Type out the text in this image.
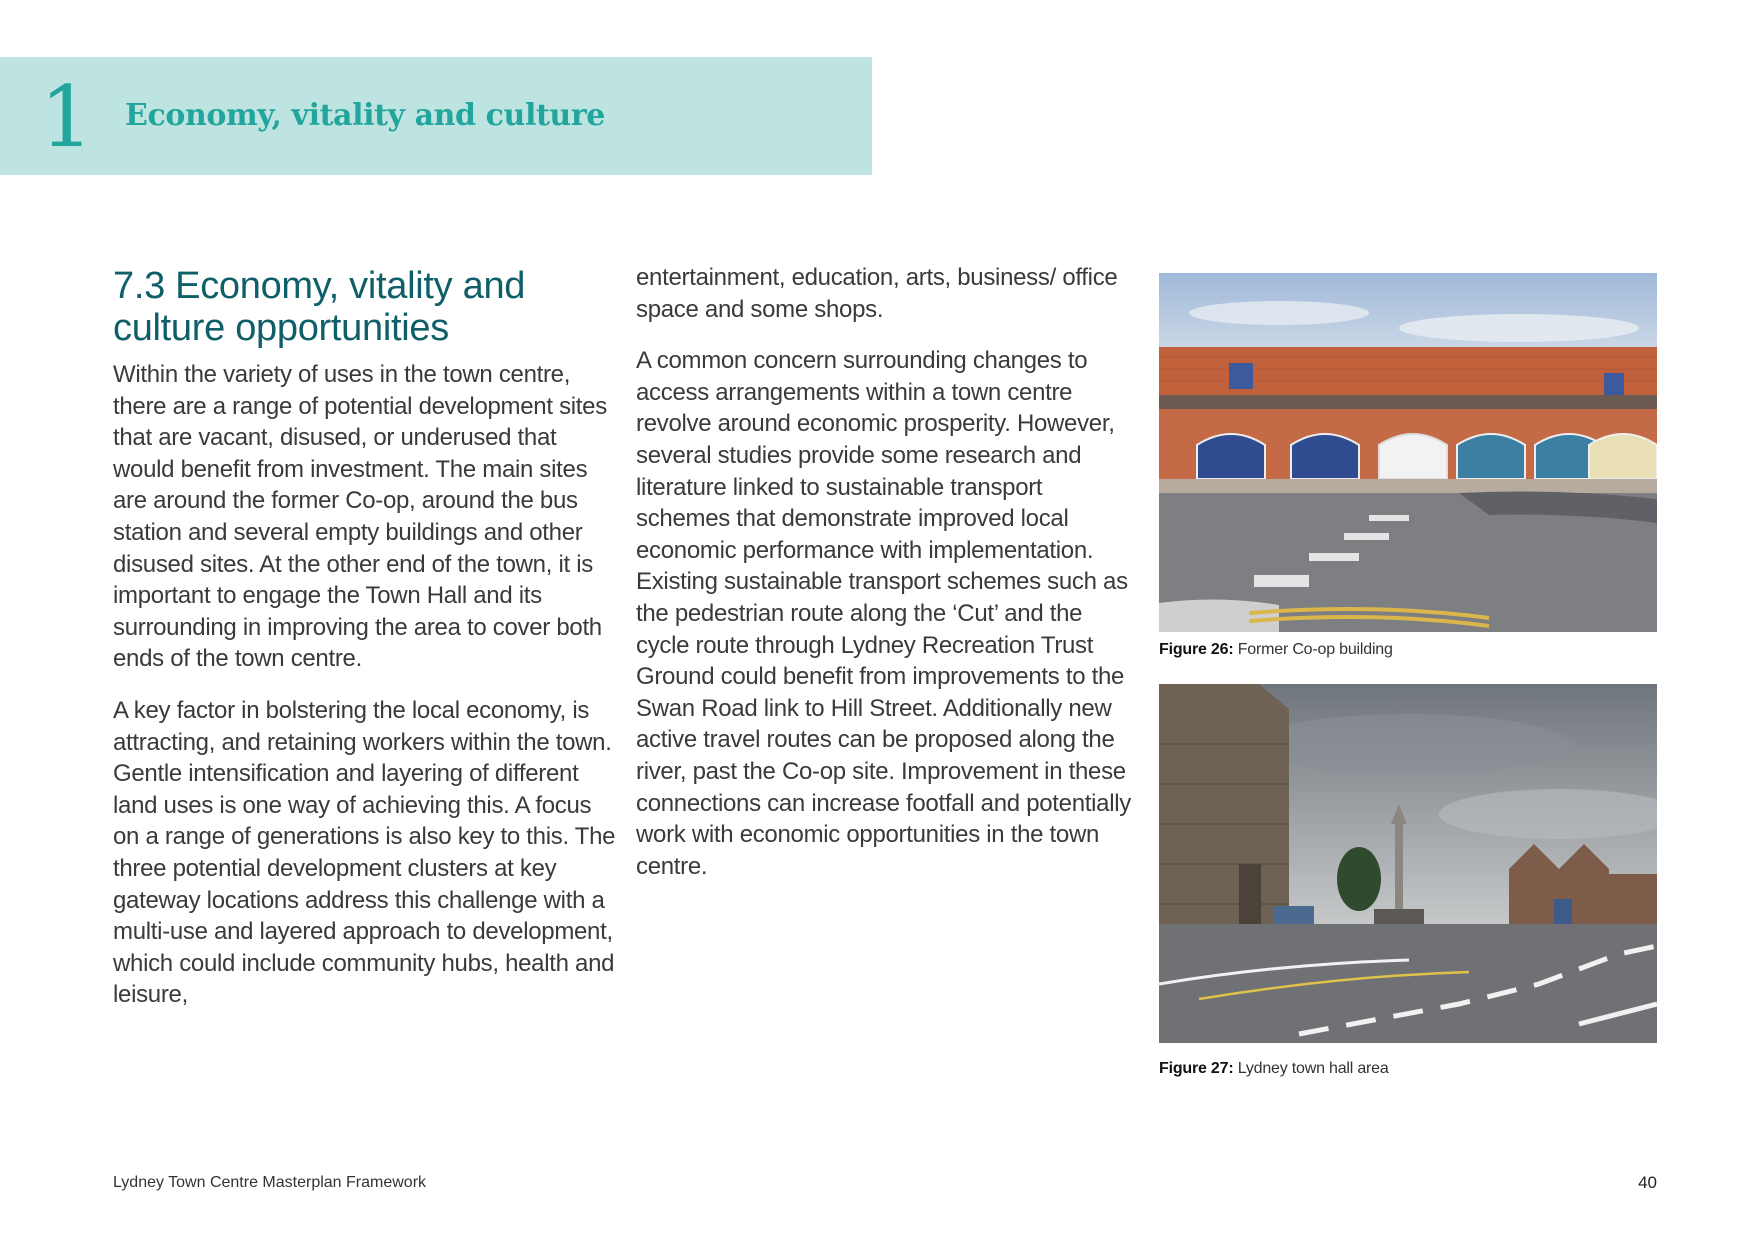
1 Economy, vitality and culture
7.3 Economy, vitality and culture opportunities

Within the variety of uses in the town centre, there are a range of potential development sites that are vacant, disused, or underused that would benefit from investment. The main sites are around the former Co-op, around the bus station and several empty buildings and other disused sites. At the other end of the town, it is important to engage the Town Hall and its surrounding in improving the area to cover both ends of the town centre.

A key factor in bolstering the local economy, is attracting, and retaining workers within the town. Gentle intensification and layering of different land uses is one way of achieving this. A focus on a range of generations is also key to this. The three potential development clusters at key gateway locations address this challenge with a multi-use and layered approach to development, which could include community hubs, health and leisure,

entertainment, education, arts, business/ office space and some shops.

A common concern surrounding changes to access arrangements within a town centre revolve around economic prosperity. However, several studies provide some research and literature linked to sustainable transport schemes that demonstrate improved local economic performance with implementation. Existing sustainable transport schemes such as the pedestrian route along the ‘Cut’ and the cycle route through Lydney Recreation Trust Ground could benefit from improvements to the Swan Road link to Hill Street. Additionally new active travel routes can be proposed along the river, past the Co-op site. Improvement in these connections can increase footfall and potentially work with economic opportunities in the town centre.

Figure 26: Former Co-op building
Figure 27: Lydney town hall area
Lydney Town Centre Masterplan Framework	40
